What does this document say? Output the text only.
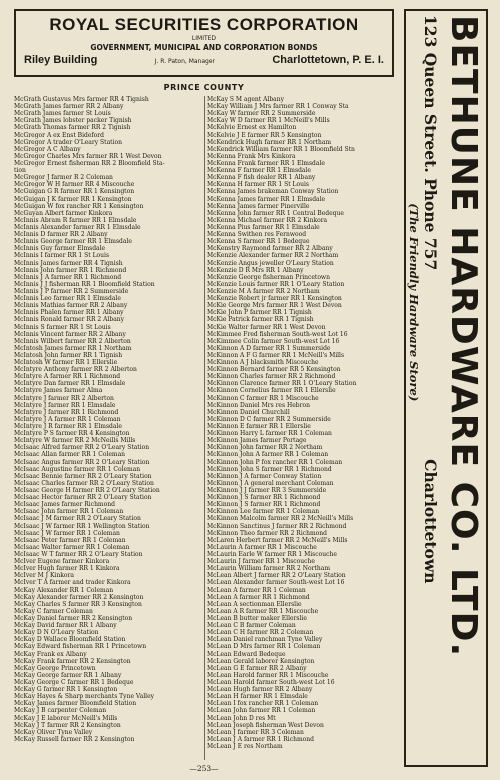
ROYAL SECURITIES CORPORATION
LIMITED
GOVERNMENT, MUNICIPAL AND CORPORATION BONDS
Riley Building	J. R. Paton, Manager	Charlottetown, P. E. I.
PRINCE COUNTY
McGrath Gustavus Mrs farmer RR 4 Tignish
McGrath James farmer RR 2 Albany
McGrath James farmer St Louis
McGrath James lobster packer Tignish
McGrath Thomas farmer RR 2 Tignish
McGregor A ex Enst Bideford
McGregor A trader O'Leary Station
McGregor A C Albany
McGregor Charles Mrs farmer RR 1 West Devon
McGregor Ernest fisherman RR 2 Bloomfield Sta-
tion
McGregor J farmer R 2 Coleman
McGregor W H farmer RR 4 Miscouche
McGuigan G R farmer RR 1 Kensington
McGuigan J K farmer RR 1 Kensington
McGuigan W fox rancher RR 1 Kensington
McGuyan Albert farmer Kinkora
McInnis Abram R farmer RR 1 Elmsdale
McInnis Alexander farmer RR 1 Elmsdale
McInnis D farmer RR 2 Albany
McInnis George farmer RR 1 Elmsdale
McInnis Guy farmer Elmsdale
McInnis I farmer RR 1 St Louis
McInnis James farmer RR 4 Tignish
McInnis John farmer RR 1 Richmond
McInnis J A farmer RR 1 Richmond
McInnis J J fisherman RR 1 Bloomfield Station
McInnis J P farmer RR 2 Summerside
McInnis Leo farmer RR 1 Elmsdale
McInnis Mathias farmer RR 2 Albany
McInnis Phalen farmer RR 1 Albany
McInnis Ronald farmer RR 2 Albany
McInnis S farmer RR 1 St Louis
McInnis Vincent farmer RR 2 Albany
McInnis Wilbert farmer RR 2 Alberton
McIntosh James farmer RR 1 Northam
McIntosh John farmer RR 1 Tignish
McIntosh W farmer RR 1 Ellerslie
McIntyre Anthony farmer RR 2 Alberton
McIntyre A farmer RR 1 Richmond
McIntyre Dan farmer RR 1 Elmsdale
McIntyre James farmer Alma
McIntyre J farmer RR 2 Alberton
McIntyre J farmer RR 1 Elmsdale
McIntyre J farmer RR 1 Richmond
McIntyre J A farmer RR 1 Coleman
McIntyre J R farmer RR 1 Elmsdale
McIntyre P S farmer RR 4 Kensington
McIntyre W farmer RR 2 McNeills Mills
McIsaac Alfred farmer RR 2 O'Leary Station
McIsaac Allan farmer RR 1 Coleman
McIsaac Angus farmer RR 2 O'Leary Station
McIsaac Augustine farmer RR 1 Coleman
McIsaac Bennie farmer RR 2 O'Leary Station
McIsaac Charles farmer RR 2 O'Leary Station
McIsaac George H farmer RR 2 O'Leary Station
McIsaac Hector farmer RR 2 O'Leary Station
McIsaac James farmer Richmond
McIsaac John farmer RR 1 Coleman
McIsaac J M farmer RR 2 O'Leary Station
McIsaac J W farmer RR 1 Wellington Station
McIsaac J W farmer RR 1 Coleman
McIsaac Peter farmer RR 1 Coleman
McIsaac Walter farmer RR 1 Coleman
McIsaac W T farmer RR 2 O'Leary Station
McIver Eugene farmer Kinkora
McIver Hugh farmer RR 1 Kinkora
McIver M J Kinkora
McIver T A farmer and trader Kinkora
McKay Alexander RR 1 Coleman
McKay Alexander farmer RR 2 Kensington
McKay Charles S farmer RR 3 Kensington
McKay C farmer Coleman
McKay Daniel farmer RR 2 Kensington
McKay David farmer RR 1 Albany
McKay D N O'Leary Station
McKay D Wallace Bloomfield Station
McKay Edward fisherman RR 1 Princetown
McKay Frank ex Albany
McKay Frank farmer RR 2 Kensington
McKay George Princetown
McKay George farmer RR 1 Albany
McKay George C farmer RR 1 Bedeque
McKay G farmer RR 1 Kensington
McKay Hayes & Sharp merchants Tyne Valley
McKay James farmer Bloomfield Station
McKay J B carpenter Coleman
McKay J E laborer McNeill's Mills
McKay J T farmer RR 2 Kensington
McKay Oliver Tyne Valley
McKay Russell farmer RR 2 Kensington
McKay S M agent Albany
McKay William J Mrs farmer RR 1 Conway Sta
McKay W farmer RR 2 Summerside
McKay W D farmer RR 1 McNeill's Mills
McKelvie Ernest ex Hamilton
McKelvie J E farmer RR 5 Kensington
McKendrick Hugh farmer RR 1 Northam
McKendrick William farmer RR 1 Bloomfield Stn
McKenna Frank Mrs Kinkora
McKenna Frank farmer RR 1 Elmsdale
McKenna F farmer RR 1 Elmsdale
McKenna F fish dealer RR 1 Albany
McKenna H farmer RR 1 St Louis
McKenna James brakeman Conway Station
McKenna James farmer RR 1 Elmsdale
McKenna James farmer Pinerville
McKenna John farmer RR 1 Central Bedeque
McKenna Michael farmer RR 2 Kinkora
McKenna Pius farmer RR 1 Elmsdale
McKenna Swithen res Fernwood
McKenna S farmer RR 1 Bedeque
McKenstry Raymond farmer RR 2 Albany
McKenzie Alexander farmer RR 2 Northam
McKenzie Angus jeweller O'Leary Station
McKenzie D R Mrs RR 1 Albany
McKenzie George fisherman Princetown
McKenzie Louis farmer RR 1 O'Leary Station
McKenzie M A farmer RR 2 Northam
McKenzie Robert jr farmer RR 1 Kensington
McKie George Mrs farmer RR 1 West Devon
McKie John P farmer RR 1 Tignish
McKie Patrick farmer RR 1 Tignish
McKie Walter farmer RR 1 West Devon
McKimmee Fred fisherman South-west Lot 16
McKimmee Colin farmer South-west Lot 16
McKinnon A D farmer RR 1 Summerside
McKinnon A F G farmer RR 1 McNeill's Mills
McKinnon A J blacksmith Miscouche
McKinnon Bernard farmer RR 5 Kensington
McKinnon Charles farmer RR 2 Richmond
McKinnon Clarence farmer RR 1 O'Leary Station
McKinnon Cornelius farmer RR 1 Ellerslie
McKinnon C farmer RR 1 Miscouche
McKinnon Daniel Mrs res Hebron
McKinnon Daniel Churchill
McKinnon D C farmer RR 2 Summerside
McKinnon E farmer RR 1 Ellerslie
McKinnon Harry L farmer RR 1 Coleman
McKinnon James farmer Portage
McKinnon John farmer RR 2 Northam
McKinnon John A farmer RR 1 Coleman
McKinnon John P fox rancher RR 1 Coleman
McKinnon John S farmer RR 1 Richmond
McKinnon J A farmer Conway Station
McKinnon J A general merchant Coleman
McKinnon J J farmer RR 3 Summerside
McKinnon J S farmer RR 1 Richmond
McKinnon J S farmer RR 1 Richmond
McKinnon Lee farmer RR 1 Coleman
McKinnon Malcolm farmer RR 2 McNeill's Mills
McKinnon Sanctinus J farmer RR 2 Richmond
McKinnon Theo farmer RR 2 Richmond
McLaren Herbert farmer RR 2 McNeill's Mills
McLaurin A farmer RR 1 Miscouche
McLaurin Earle W farmer RR 1 Miscouche
McLaurin J farmer RR 1 Miscouche
McLaurin William farmer RR 2 Northam
McLean Albert J farmer RR 2 O'Leary Station
McLean Alexander farmer South-west Lot 16
McLean A farmer RR 1 Coleman
McLean A farmer RR 1 Richmond
McLean A sectionman Ellerslie
McLean A R farmer RR 1 Miscouche
McLean B butter maker Ellerslie
McLean C B farmer Coleman
McLean C H farmer RR 2 Coleman
McLean Daniel ranchman Tyne Valley
McLean D Mrs farmer RR 1 Coleman
McLean Edward Bedeque
McLean Gerald laborer Kensington
McLean G E farmer RR 2 Albany
McLean Harold farmer RR 1 Miscouche
McLean Harold farmer South-west Lot 16
McLean Hugh farmer RR 2 Albany
McLean H farmer RR 1 Elmsdale
McLean I fox rancher RR 1 Coleman
McLean John farmer RR 1 Coleman
McLean John D res Mt
McLean Joseph fisherman West Devon
McLean J farmer RR 3 Coleman
McLean J A farmer RR 1 Richmond
McLean J E res Northam
BETHUNE HARDWARE CO. LTD.
123 Queen Street. Phone 757                                   Charlottetown
(The Friendly Hardware Store)
—253—
